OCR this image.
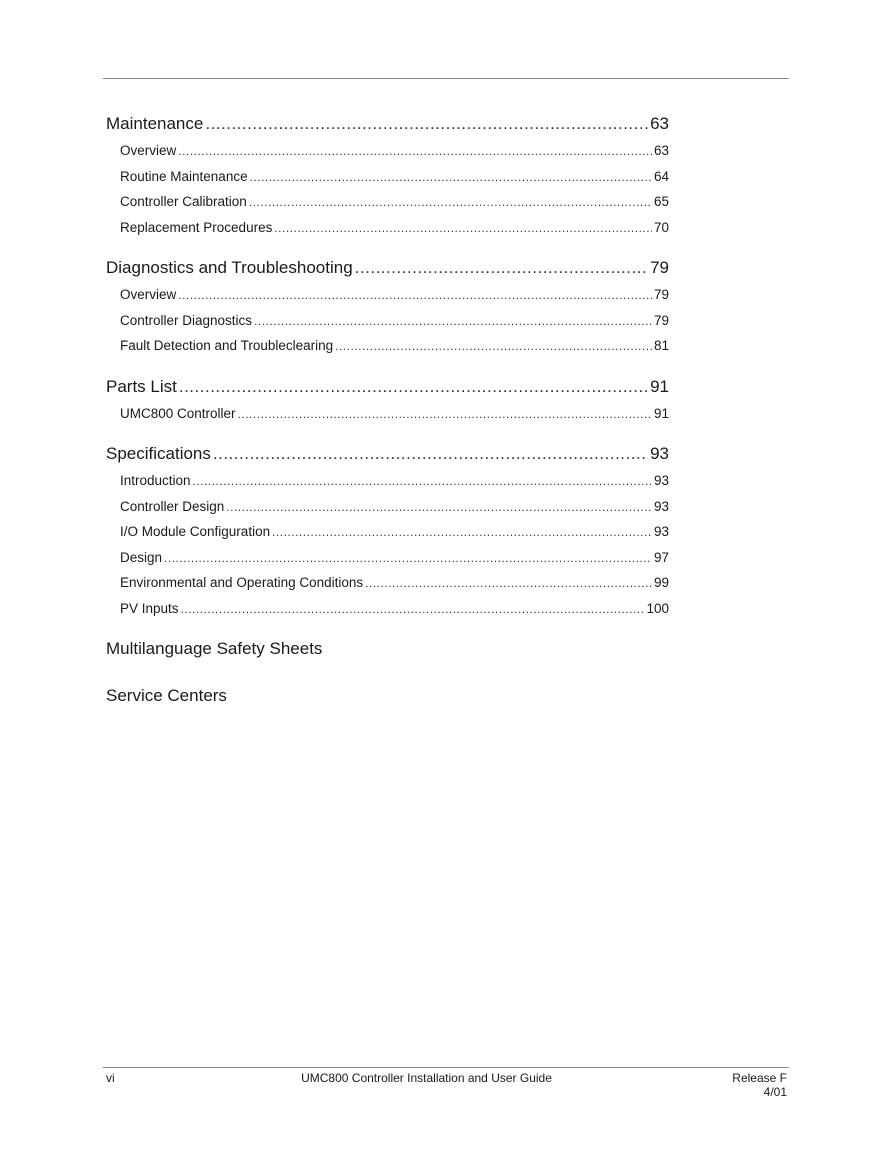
Maintenance .....	63
Overview .....	63
Routine Maintenance .....	64
Controller Calibration .....	65
Replacement Procedures .....	70
Diagnostics and Troubleshooting .....	79
Overview .....	79
Controller Diagnostics .....	79
Fault Detection and Troubleclearing .....	81
Parts List .....	91
UMC800 Controller .....	91
Specifications .....	93
Introduction .....	93
Controller Design .....	93
I/O Module Configuration .....	93
Design .....	97
Environmental and Operating Conditions .....	99
PV Inputs .....	100
Multilanguage Safety Sheets
Service Centers
vi	UMC800 Controller Installation and User Guide	Release F
4/01
